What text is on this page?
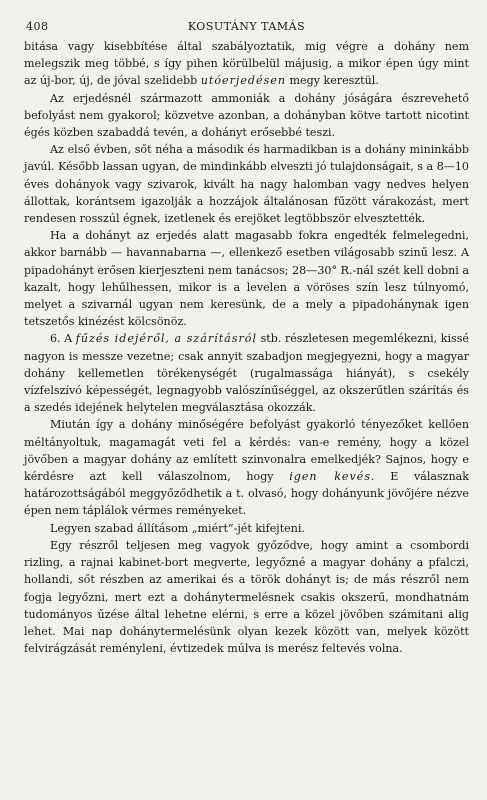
408	KOSUTÁNY TAMÁS

bitása vagy kisebbítése által szabályoztatik, mig végre a dohány nem melegszik meg többé, s így pihen körülbelül májusig, a mikor épen úgy mint az új-bor, új, de jóval szelidebb utóerjedésen megy keresztül.

Az erjedésnél származott ammoniák a dohány jóságára észrevehető befolyást nem gyakorol; közvetve azonban, a dohányban kötve tartott nicotint égés közben szabaddá tevén, a dohányt erősebbé teszi.

Az első évben, sőt néha a második és harmadikban is a dohány mininkább javúl. Később lassan ugyan, de mindinkább elveszti jó tulajdonságait, s a 8—10 éves dohányok vagy szivarok, kivált ha nagy halomban vagy nedves helyen állottak, korántsem igazolják a hozzájok általánosan fűzött várakozást, mert rendesen rosszúl égnek, izetlenek és erejöket legtöbbször elvesztették.

Ha a dohányt az erjedés alatt magasabb fokra engedték felmelegedni, akkor barnább — havannabarna —, ellenkező esetben világosabb szinű lesz. A pipadohányt erősen kierjeszteni nem tanácsos; 28—30° R.-nál szét kell dobni a kazalt, hogy lehűlhessen, mikor is a levelen a vöröses szín lesz túlnyomó, melyet a szivarnál ugyan nem keresünk, de a mely a pipadohánynak igen tetszetős kinézést kölcsönöz.

6. A fűzés idejéről, a szárításról stb. részletesen megemlékezni, kissé nagyon is messze vezetne; csak annyit szabadjon megjegyezni, hogy a magyar dohány kellemetlen törékenységét (rugalmassága hiányát), s csekély vízfelszívó képességét, legnagyobb valószínűséggel, az okszerűtlen szárítás és a szedés idejének helytelen megválasztása okozzák.

Miután így a dohány minőségére befolyást gyakorló tényezőket kellően méltányoltuk, magamagát veti fel a kérdés: van-e remény, hogy a közel jövőben a magyar dohány az említett szinvonalra emelkedjék? Sajnos, hogy e kérdésre azt kell válaszolnom, hogy igen kevés. E válasznak határozottságából meggyőződhetik a t. olvasó, hogy dohányunk jövőjére nézve épen nem táplálok vérmes reményeket.

Legyen szabad állításom „miért“-jét kifejteni.

Egy részről teljesen meg vagyok győződve, hogy amint a csombordi rizling, a rajnai kabinet-bort megverte, legyőzné a magyar dohány a pfalczi, hollandi, sőt részben az amerikai és a török dohányt is; de más részről nem fogja legyőzni, mert ezt a dohánytermelésnek csakis okszerű, mondhatnám tudományos űzése által lehetne elérni, s erre a közel jövőben számitani alig lehet. Mai nap dohánytermelésünk olyan kezek között van, melyek között felvirágzását reményleni, évtizedek múlva is merész feltevés volna.
